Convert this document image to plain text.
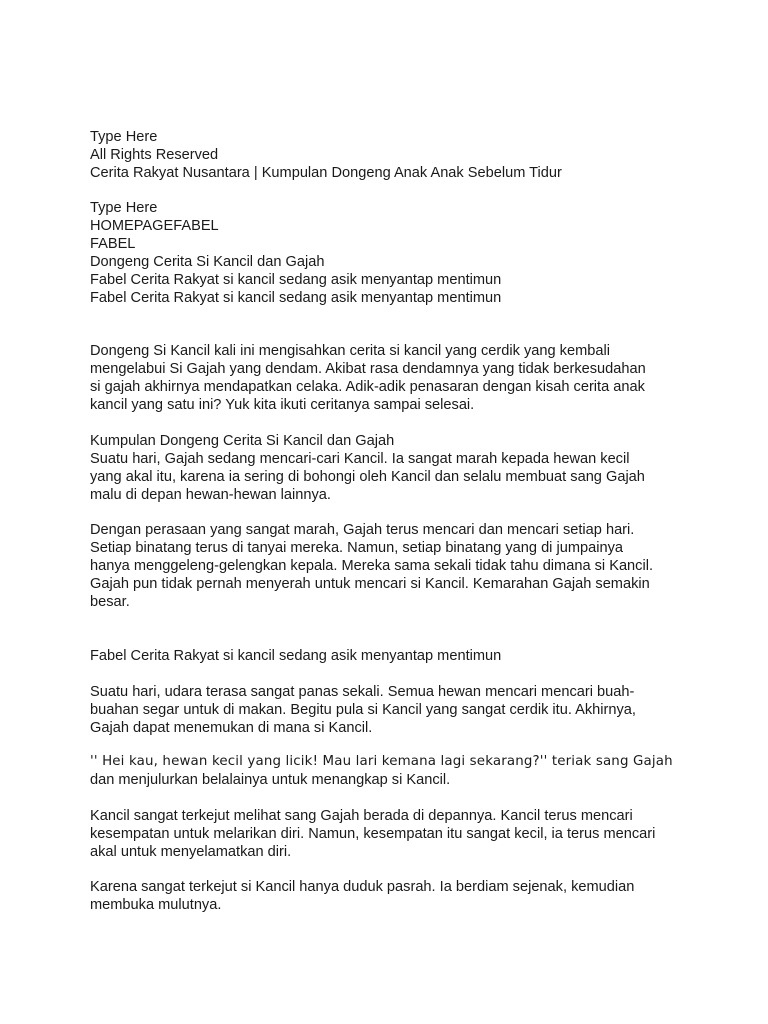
Type Here
All Rights Reserved
Cerita Rakyat Nusantara | Kumpulan Dongeng Anak Anak Sebelum Tidur
Type Here
HOMEPAGEFABEL
FABEL
Dongeng Cerita Si Kancil dan Gajah
Fabel Cerita Rakyat si kancil sedang asik menyantap mentimun
Fabel Cerita Rakyat si kancil sedang asik menyantap mentimun
Dongeng Si Kancil kali ini mengisahkan cerita si kancil yang cerdik yang kembali
mengelabui Si Gajah yang dendam. Akibat rasa dendamnya yang tidak berkesudahan
si gajah akhirnya mendapatkan celaka. Adik-adik penasaran dengan kisah cerita anak
kancil yang satu ini? Yuk kita ikuti ceritanya sampai selesai.
Kumpulan Dongeng Cerita Si Kancil dan Gajah
Suatu hari, Gajah sedang mencari-cari Kancil. Ia sangat marah kepada hewan kecil
yang akal itu, karena ia sering di bohongi oleh Kancil dan selalu membuat sang Gajah
malu di depan hewan-hewan lainnya.
Dengan perasaan yang sangat marah, Gajah terus mencari dan mencari setiap hari.
Setiap binatang terus di tanyai mereka. Namun, setiap binatang yang di jumpainya
hanya menggeleng-gelengkan kepala. Mereka sama sekali tidak tahu dimana si Kancil.
Gajah pun tidak pernah menyerah untuk mencari si Kancil. Kemarahan Gajah semakin
besar.
Fabel Cerita Rakyat si kancil sedang asik menyantap mentimun
Suatu hari, udara terasa sangat panas sekali. Semua hewan mencari mencari buah-
buahan segar untuk di makan. Begitu pula si Kancil yang sangat cerdik itu. Akhirnya,
Gajah dapat menemukan di mana si Kancil.
'' Hei kau, hewan kecil yang licik! Mau lari kemana lagi sekarang?'' teriak sang Gajah
dan menjulurkan belalainya untuk menangkap si Kancil.
Kancil sangat terkejut melihat sang Gajah berada di depannya. Kancil terus mencari
kesempatan untuk melarikan diri. Namun, kesempatan itu sangat kecil, ia terus mencari
akal untuk menyelamatkan diri.
Karena sangat terkejut si Kancil hanya duduk pasrah. Ia berdiam sejenak, kemudian
membuka mulutnya.
